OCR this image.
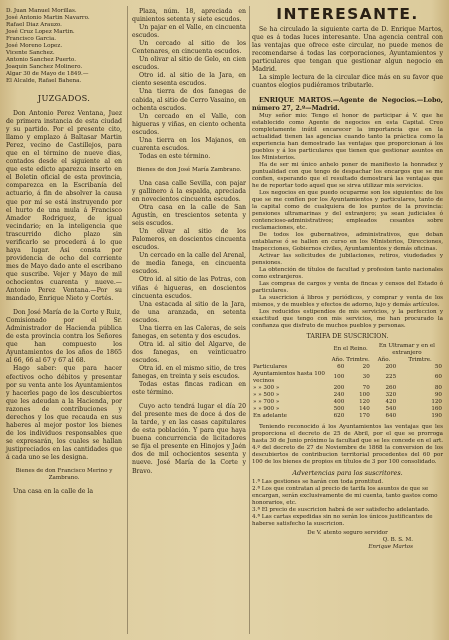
D. Juan Manuel Morillas.
José Antonio Martin Navarro.
Rafael Diaz Arauzo.
José Cruz Lopez Martin.
Francisco Garcia.
José Moreno Lopez.
Vicente Sanchez.
Antonio Sanchez Puerto.
Joaquin Sanchez Molinero.
Algar 30 de Mayo de 1849.—
El Alcalde, Rafael Bahena.
JUZGADOS.

Don Antonio Perez Ventana, Juez de primera instancia de esta ciudad y su partido. Por el presente cito, llamo y emplazo á Baltasar Martin Perez, vecino de Castillejos, para que en el término de nueve dias, contados desde el siguiente al en que este edicto aparezca inserto en el Boletin oficial de esta provincia, comparezca en la Escribanía del actuario, á fin de absolver la causa que por mí se está instruyendo por el hurto de una mula á Francisco Amador Rodriguez, de igual vecindario; en la inteligencia que trascurrido dicho plazo sin verificarlo se procederá á lo que haya lugar. Asi consta por providencia de ocho del corriente mes de Mayo dado ante el escribano que suscribe. Vejer y Mayo de mil ochocientos cuarenta y nueve.—Antonio Perez Ventana.—Por su mandado, Enrique Nieto y Cortés.

Don José María de la Corte y Ruiz, Comisionado por el Sr. Administrador de Hacienda pública de esta provincia contra los Señores que han compuesto los Ayuntamientos de los años de 1865 al 66, 66 al 67 y 67 al 68.

Hago saber: que para hacer efectivos ocho débitos y presentar por su venta ante los Ayuntamientos y hacerles pago de los descubiertos que les adeudan a la Hacienda, por razones de contribuciones y derechos y los que recauda en sus haberes al mejor postor los bienes de los individuos responsables que se expresarán, los cuales se hallan justipreciados en las cantidades que á cada uno se les designa.

Bienes de don Francisco Merino y Zambrano.

Una casa en la calle de la

Plaza, núm. 18, apreciada en quinientos setenta y siete escudos.

Un pajar en el Valle, en cincuenta escudos.

Un cercado al sitio de los Centenares, en cincuenta escudos.

Un olivar al sitio de Gelo, en cien escudos.

Otro id. al sitio de la Jara, en ciento sesenta escudos.

Una tierra de dos fanegas de cabida, al sitio de Cerro Vasaino, en ochenta escudos.

Un cercado en el Valle, con higueras y viñas, en ciento ochenta escudos.

Una tierra en los Majanos, en cuarenta escudos.

Todas en este término.

Bienes de don José María Zambrano.

Una casa calle Sevilla, con pajar y gallinero á la espalda, apreciada en novecientos cincuenta escudos.

Otra casa en la calle de San Agustín, en trescientos setenta y seis escudos.

Un olivar al sitio de los Palomeros, en doscientos cincuenta escudos.

Un cercado en la calle del Arenal, de media fanega, en cincuenta escudos.

Otro id. al sitio de las Potras, con viñas é higueras, en doscientos cincuenta escudos.

Una estacada al sitio de la Jara, de una aranzada, en setenta escudos.

Una tierra en las Caleras, de seis fanegas, en setenta y dos escudos.

Otra id. al sitio del Algarve, de dos fanegas, en veinticuatro escudos.

Otra id. en el mismo sitio, de tres fanegas, en treinta y seis escudos.

Todas estas fincas radican en este término.

Cuyo acto tendrá lugar el día 20 del presente mes de doce á dos de la tarde, y en las casas capitulares de esta población. Y para que haya buena concurrencia de licitadores se fija el presente en Hinojos y Jaén dos de mil ochocientos sesenta y nueve. José María de la Corte y Bravo.

INTERESANTE.

Se ha circulado la siguiente carta de D. Enrique Martos, que es á todas luces interesante. Una agencia central con las ventajas que ofrece este circular, no puede menos de recomendarse á todas las corporaciones, Ayuntamientos y particulares que tengan que gestionar algun negocio en Madrid.

La simple lectura de la circular dice más en su favor que cuantos elogios pudiéramos tributarle.

ENRIQUE MARTOS.—Agente de Negocios.—Lobo, número 27, 2.º—Madrid.

Muy señor mio: Tengo el honor de participar á V. que he establecido como Agente de negocios en esta Capital. Creo completamente inútil encarecer la importancia que en la actualidad tienen las agencias cuando tanto la práctica como la experiencia han demostrado las ventajas que proporcionan á los pueblos y á los particulares que tienen que gestionar asuntos en los Ministerios.

Ha de ser mi único anhelo poner de manifiesto la honradez y puntualidad con que tengo de despachar los encargos que se me confien, esperando que el resultado demostrará las ventajas que he de reportar todo aquel que se sirva utilizar mis servicios.

Los negocios en que puedo ocuparme son los siguientes: de los que se me confíen por los Ayuntamientos y particulares, tanto de la capital como de cualquiera de los puntos de la provincia: pensiones ultramarinas y del extranjero; ya sean judiciales ó contencioso-administrativos; empleados cesantes sobre reclamaciones, etc.

De todos los gubernativos, administrativos, que deban entablarse ó se hallen en curso en los Ministerios, Direcciones, Inspecciones, Gobiernos civiles, Ayuntamientos y demás oficinas.

Activar las solicitudes de jubilaciones, retiros, viudedades y pensiones.

La obtención de títulos de facultad y profesion tanto nacionales como extranjeros.

Las compras de cargos y venta de fincas y censos del Estado ó particulares.

La suscricion á libros y periódicos, y comprar y venta de los mismos, y de muebles y efectos de adorno, lujo y demás artículos.

Los reducidos estipendios de mis servicios, y la perfeccion y exactitud que tengo con mis servicios, me han procurado la confianza que disfruto de muchos pueblos y personas.

TARIFA DE SUSCRICION.
	En el Reino.		En Ultramar y en el extranjero	
	Año.	Trimtre.	Año.	Trimtre.
Particulares	60	20	200	50
Ayuntamientos hasta 100 vecinos	100	30	225	60
» » 300 »	200	70	260	80
» » 500 »	240	100	320	90
» » 700 »	400	120	420	120
» » 900 »	500	140	540	160
En adelante	620	170	640	190

Teniendo reconocido á los Ayuntamientos las ventajas que les proporciona el decreto de 25 de Abril, por el que se prorroga hasta 30 de Junio próximo la facultad que se les concede en el art. 4.º del decreto de 27 de Noviembre de 1868 la conversion de los descubiertos de contribucion territorial procedentes del 60 por 100 de los bienes de propios en títulos de 3 por 100 consolidado.

Advertencias para los suscritores.
1.ª Las gestiones se harán con toda prontitud.
2.ª Los que contratan al precio de tarifa los asuntos de que se encargan, serán exclusivamente de mi cuenta, tanto gastos como honorarios, etc.
3.ª El precio de suscricion habrá de ser satisfecho adelantado.
4.ª Las cartas expedidas sin no serán los únicos justificantes de haberse satisfecho la suscricion.
De V. atento seguro servidor
Q. B. S. M.
Enrique Martos
